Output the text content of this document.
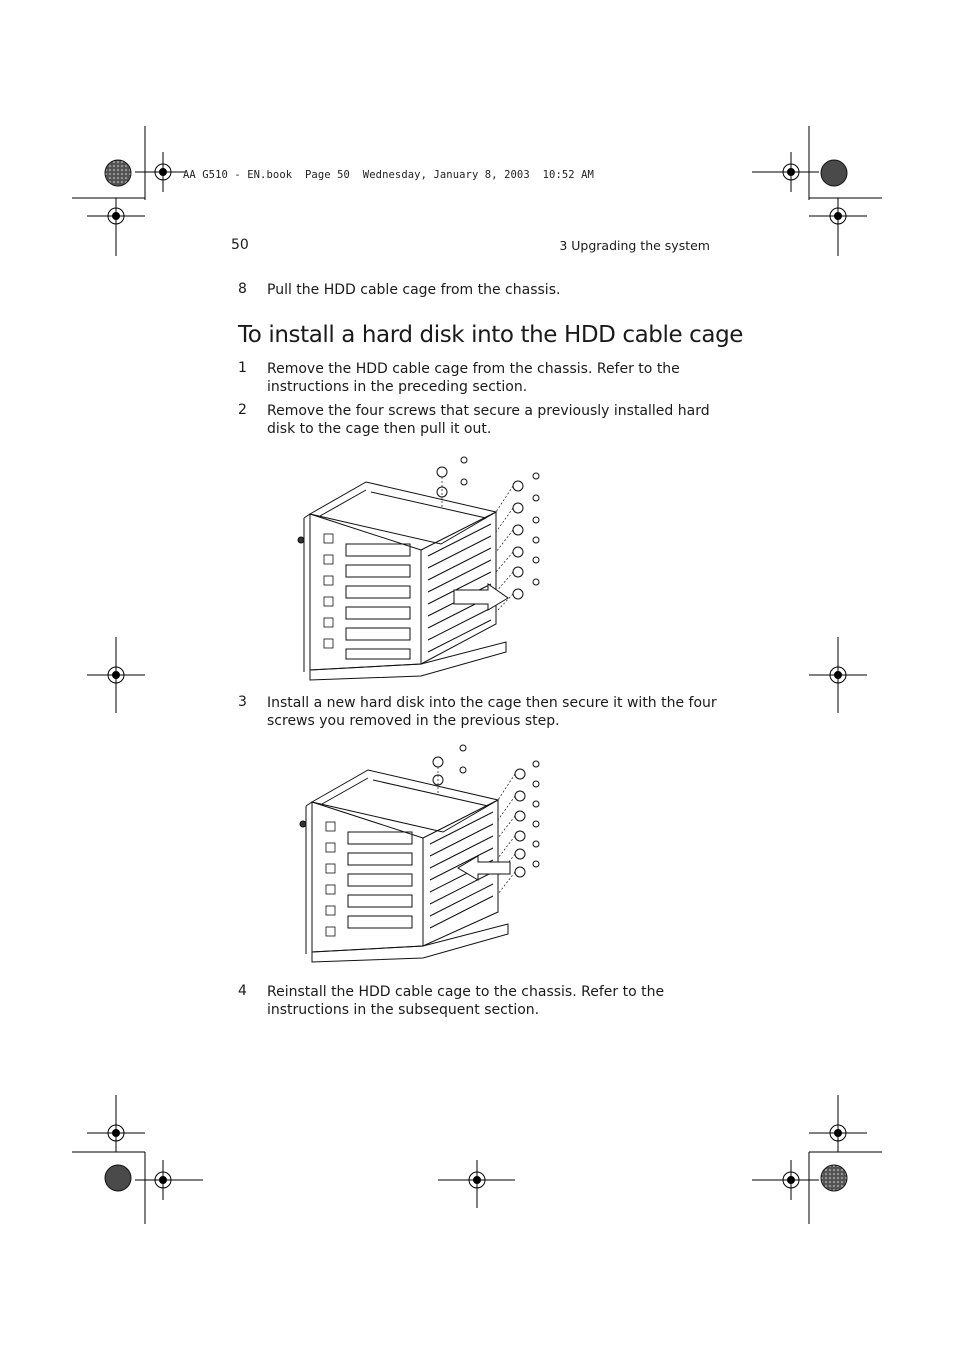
AA G510 - EN.book  Page 50  Wednesday, January 8, 2003  10:52 AM
50	3 Upgrading the system
8 Pull the HDD cable cage from the chassis.
To install a hard disk into the HDD cable cage
1 Remove the HDD cable cage from the chassis. Refer to the instructions in the preceding section.
2 Remove the four screws that secure a previously installed hard disk to the cage then pull it out.
3 Install a new hard disk into the cage then secure it with the four screws you removed in the previous step.
4 Reinstall the HDD cable cage to the chassis. Refer to the instructions in the subsequent section.
